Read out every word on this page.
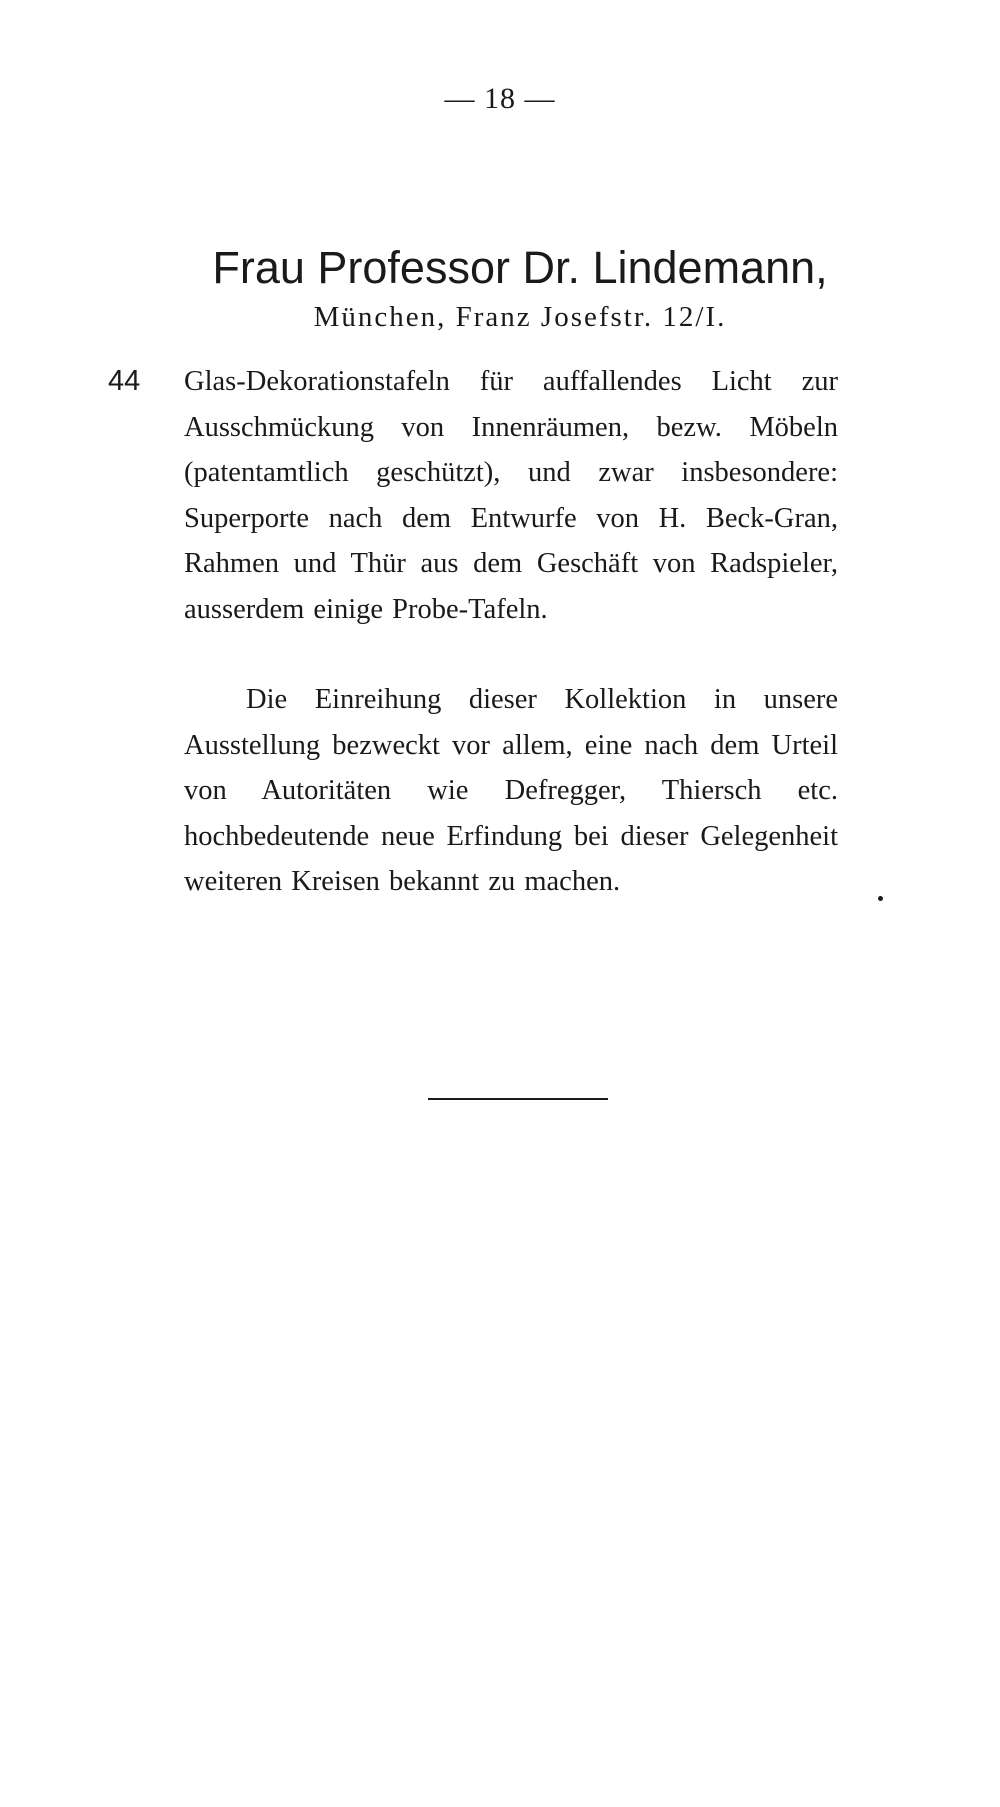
— 18 —
Frau Professor Dr. Lindemann,
München, Franz Josefstr. 12/I.
44 Glas-Dekorationstafeln für auffallendes Licht zur Ausschmückung von Innenräumen, bezw. Möbeln (patentamtlich geschützt), und zwar insbesondere: Superporte nach dem Entwurfe von H. Beck-Gran, Rahmen und Thür aus dem Geschäft von Radspieler, ausserdem einige Probe-Tafeln.

Die Einreihung dieser Kollektion in unsere Ausstellung bezweckt vor allem, eine nach dem Urteil von Autoritäten wie Defregger, Thiersch etc. hochbedeutende neue Erfindung bei dieser Gelegenheit weiteren Kreisen bekannt zu machen.
